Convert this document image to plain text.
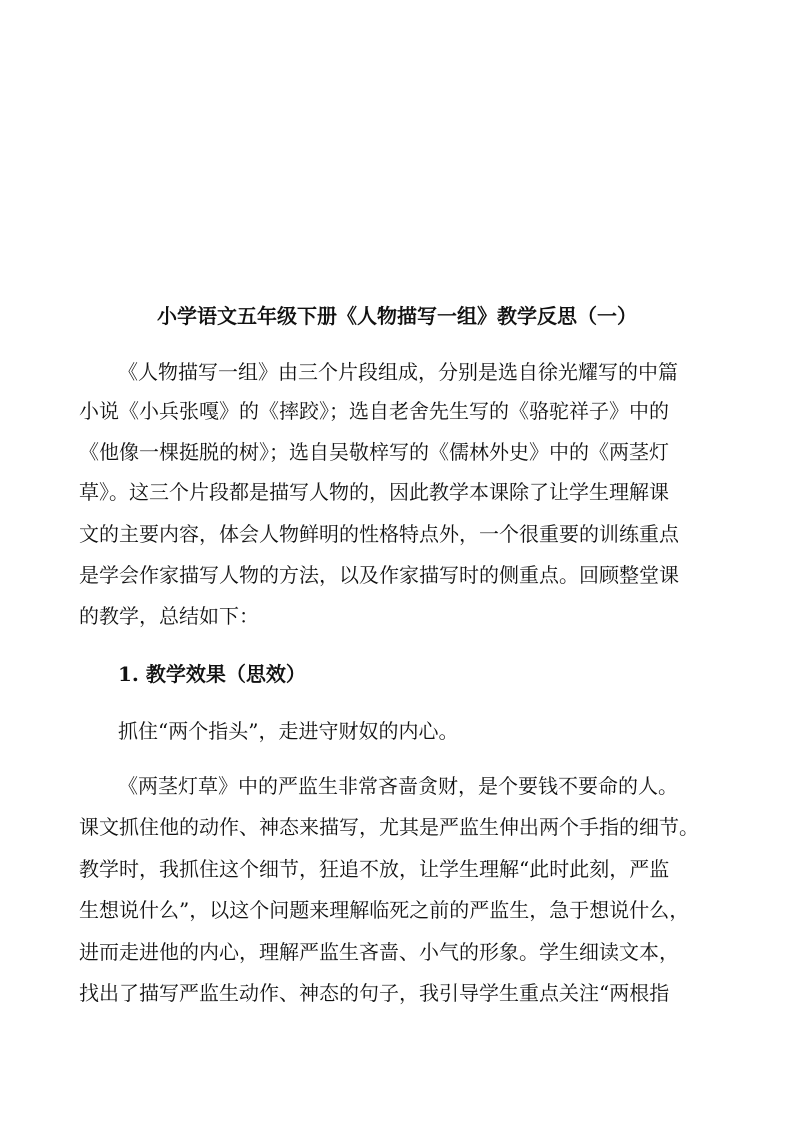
小学语文五年级下册《人物描写一组》教学反思（一）
《人物描写一组》由三个片段组成，分别是选自徐光耀写的中篇
小说《小兵张嘎》的《摔跤》；选自老舍先生写的《骆驼祥子》中的
《他像一棵挺脱的树》；选自吴敬梓写的《儒林外史》中的《两茎灯
草》。这三个片段都是描写人物的，因此教学本课除了让学生理解课
文的主要内容，体会人物鲜明的性格特点外，一个很重要的训练重点
是学会作家描写人物的方法，以及作家描写时的侧重点。回顾整堂课
的教学，总结如下：
1. 教学效果（思效）
抓住“两个指头”，走进守财奴的内心。
《两茎灯草》中的严监生非常吝啬贪财，是个要钱不要命的人。
课文抓住他的动作、神态来描写，尤其是严监生伸出两个手指的细节。
教学时，我抓住这个细节，狂追不放，让学生理解“此时此刻，严监
生想说什么”，以这个问题来理解临死之前的严监生，急于想说什么，
进而走进他的内心，理解严监生吝啬、小气的形象。学生细读文本，
找出了描写严监生动作、神态的句子，我引导学生重点关注“两根指
